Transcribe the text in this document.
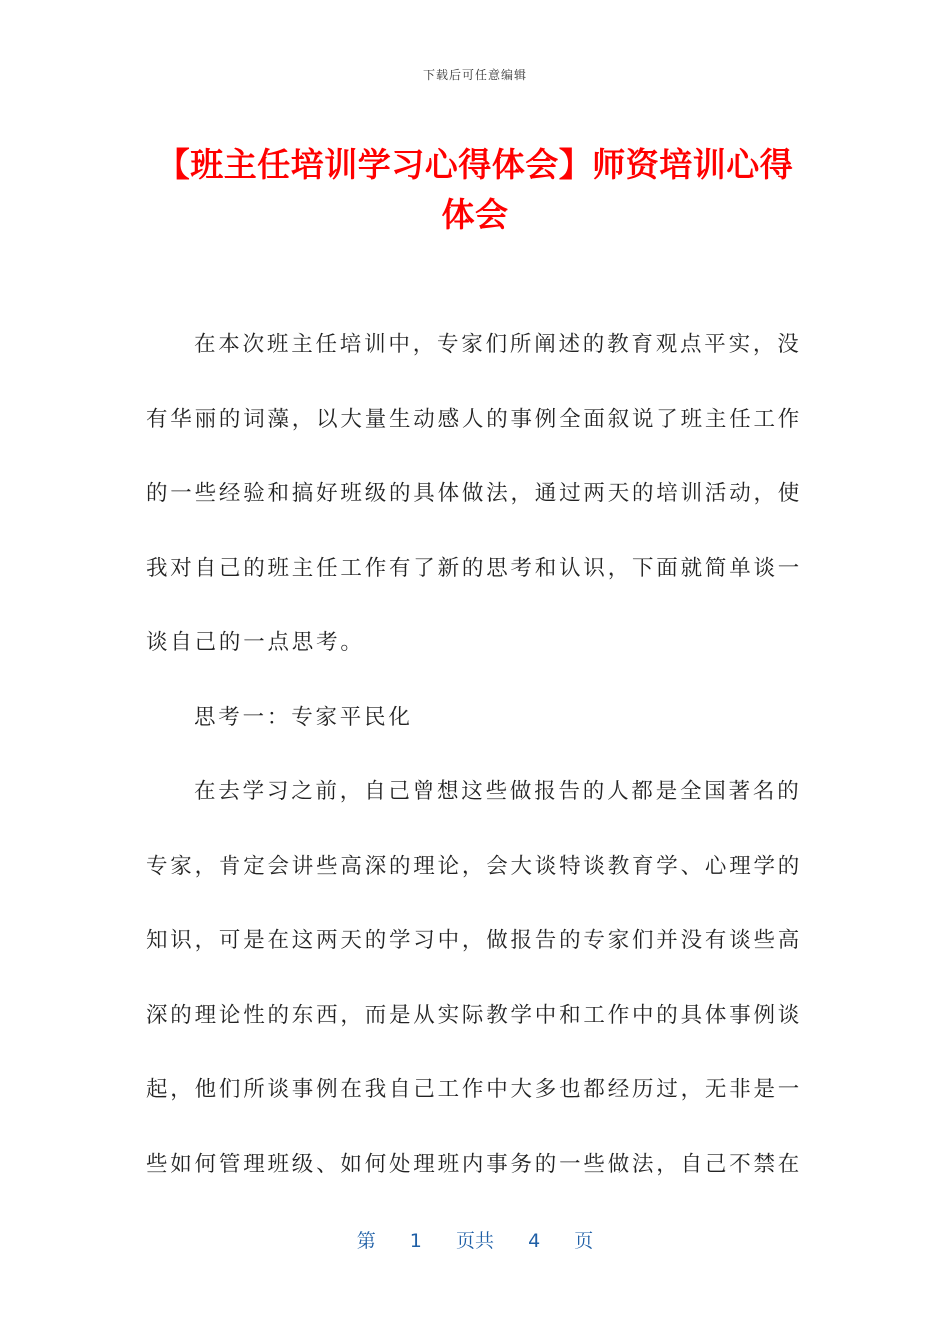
下载后可任意编辑
【班主任培训学习心得体会】师资培训心得
体会

在本次班主任培训中，专家们所阐述的教育观点平实，没
有华丽的词藻，以大量生动感人的事例全面叙说了班主任工作
的一些经验和搞好班级的具体做法，通过两天的培训活动，使
我对自己的班主任工作有了新的思考和认识，下面就简单谈一
谈自己的一点思考。

思考一：专家平民化

在去学习之前，自己曾想这些做报告的人都是全国著名的
专家，肯定会讲些高深的理论，会大谈特谈教育学、心理学的
知识，可是在这两天的学习中，做报告的专家们并没有谈些高
深的理论性的东西，而是从实际教学中和工作中的具体事例谈
起，他们所谈事例在我自己工作中大多也都经历过，无非是一
些如何管理班级、如何处理班内事务的一些做法，自己不禁在

第 1 页共 4 页
